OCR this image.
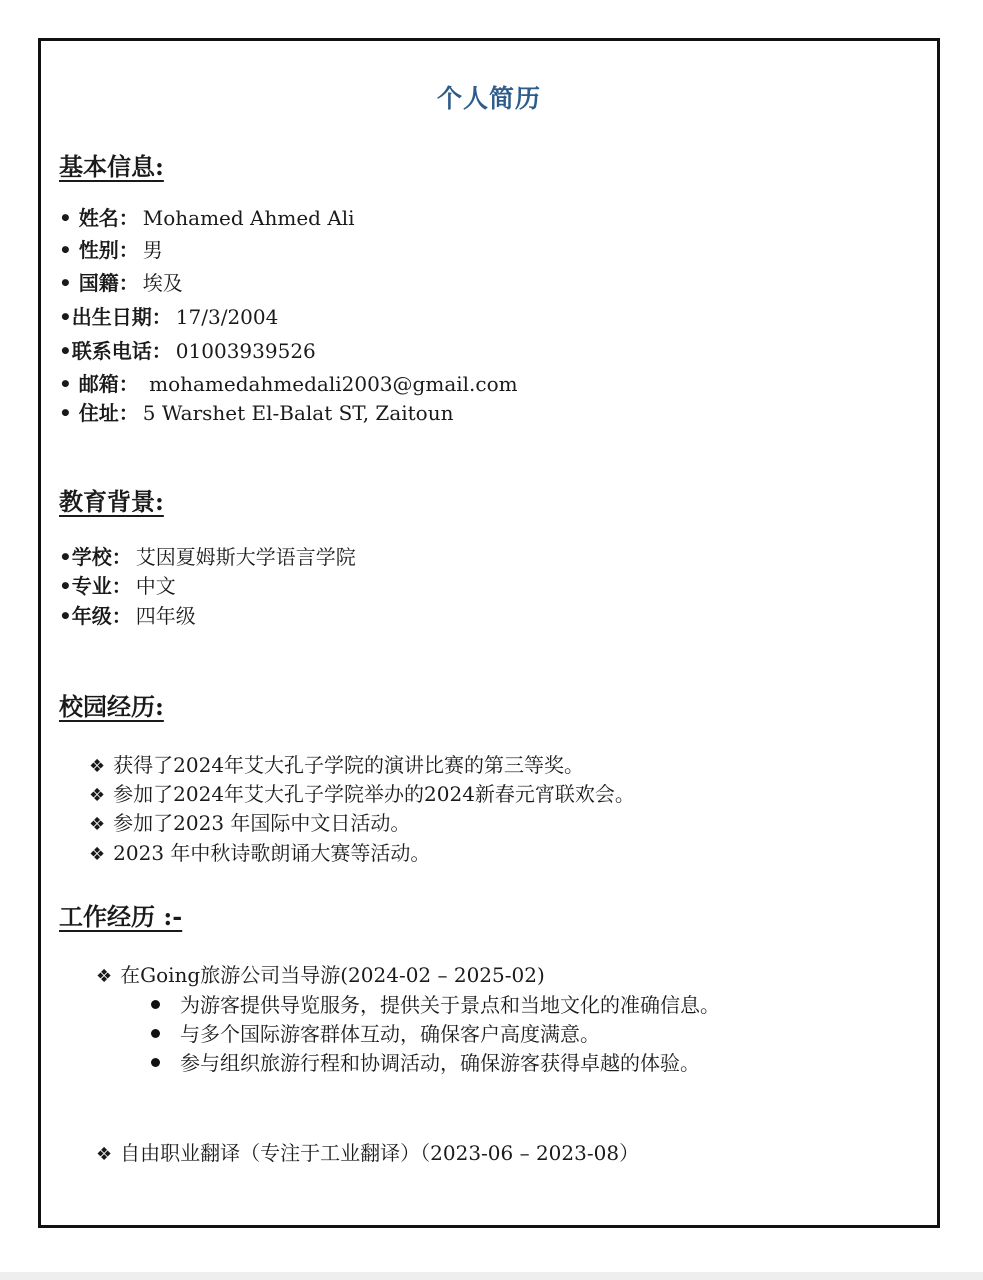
个人简历
基本信息:
• 姓名： Mohamed Ahmed Ali
• 性别： 男
• 国籍： 埃及
•出生日期： 17/3/2004
•联系电话： 01003939526
• 邮箱： mohamedahmedali2003@gmail.com
• 住址： 5 Warshet El-Balat ST, Zaitoun
教育背景:
•学校： 艾因夏姆斯大学语言学院
•专业： 中文
•年级： 四年级
校园经历:
❖ 获得了2024年艾大孔子学院的演讲比赛的第三等奖。
❖ 参加了2024年艾大孔子学院举办的2024新春元宵联欢会。
❖ 参加了2023 年国际中文日活动。
❖ 2023 年中秋诗歌朗诵大赛等活动。
工作经历 :-
❖ 在Going旅游公司当导游(2024-02 – 2025-02)
为游客提供导览服务，提供关于景点和当地文化的准确信息。
与多个国际游客群体互动，确保客户高度满意。
参与组织旅游行程和协调活动，确保游客获得卓越的体验。
❖ 自由职业翻译（专注于工业翻译）（2023-06 – 2023-08）
